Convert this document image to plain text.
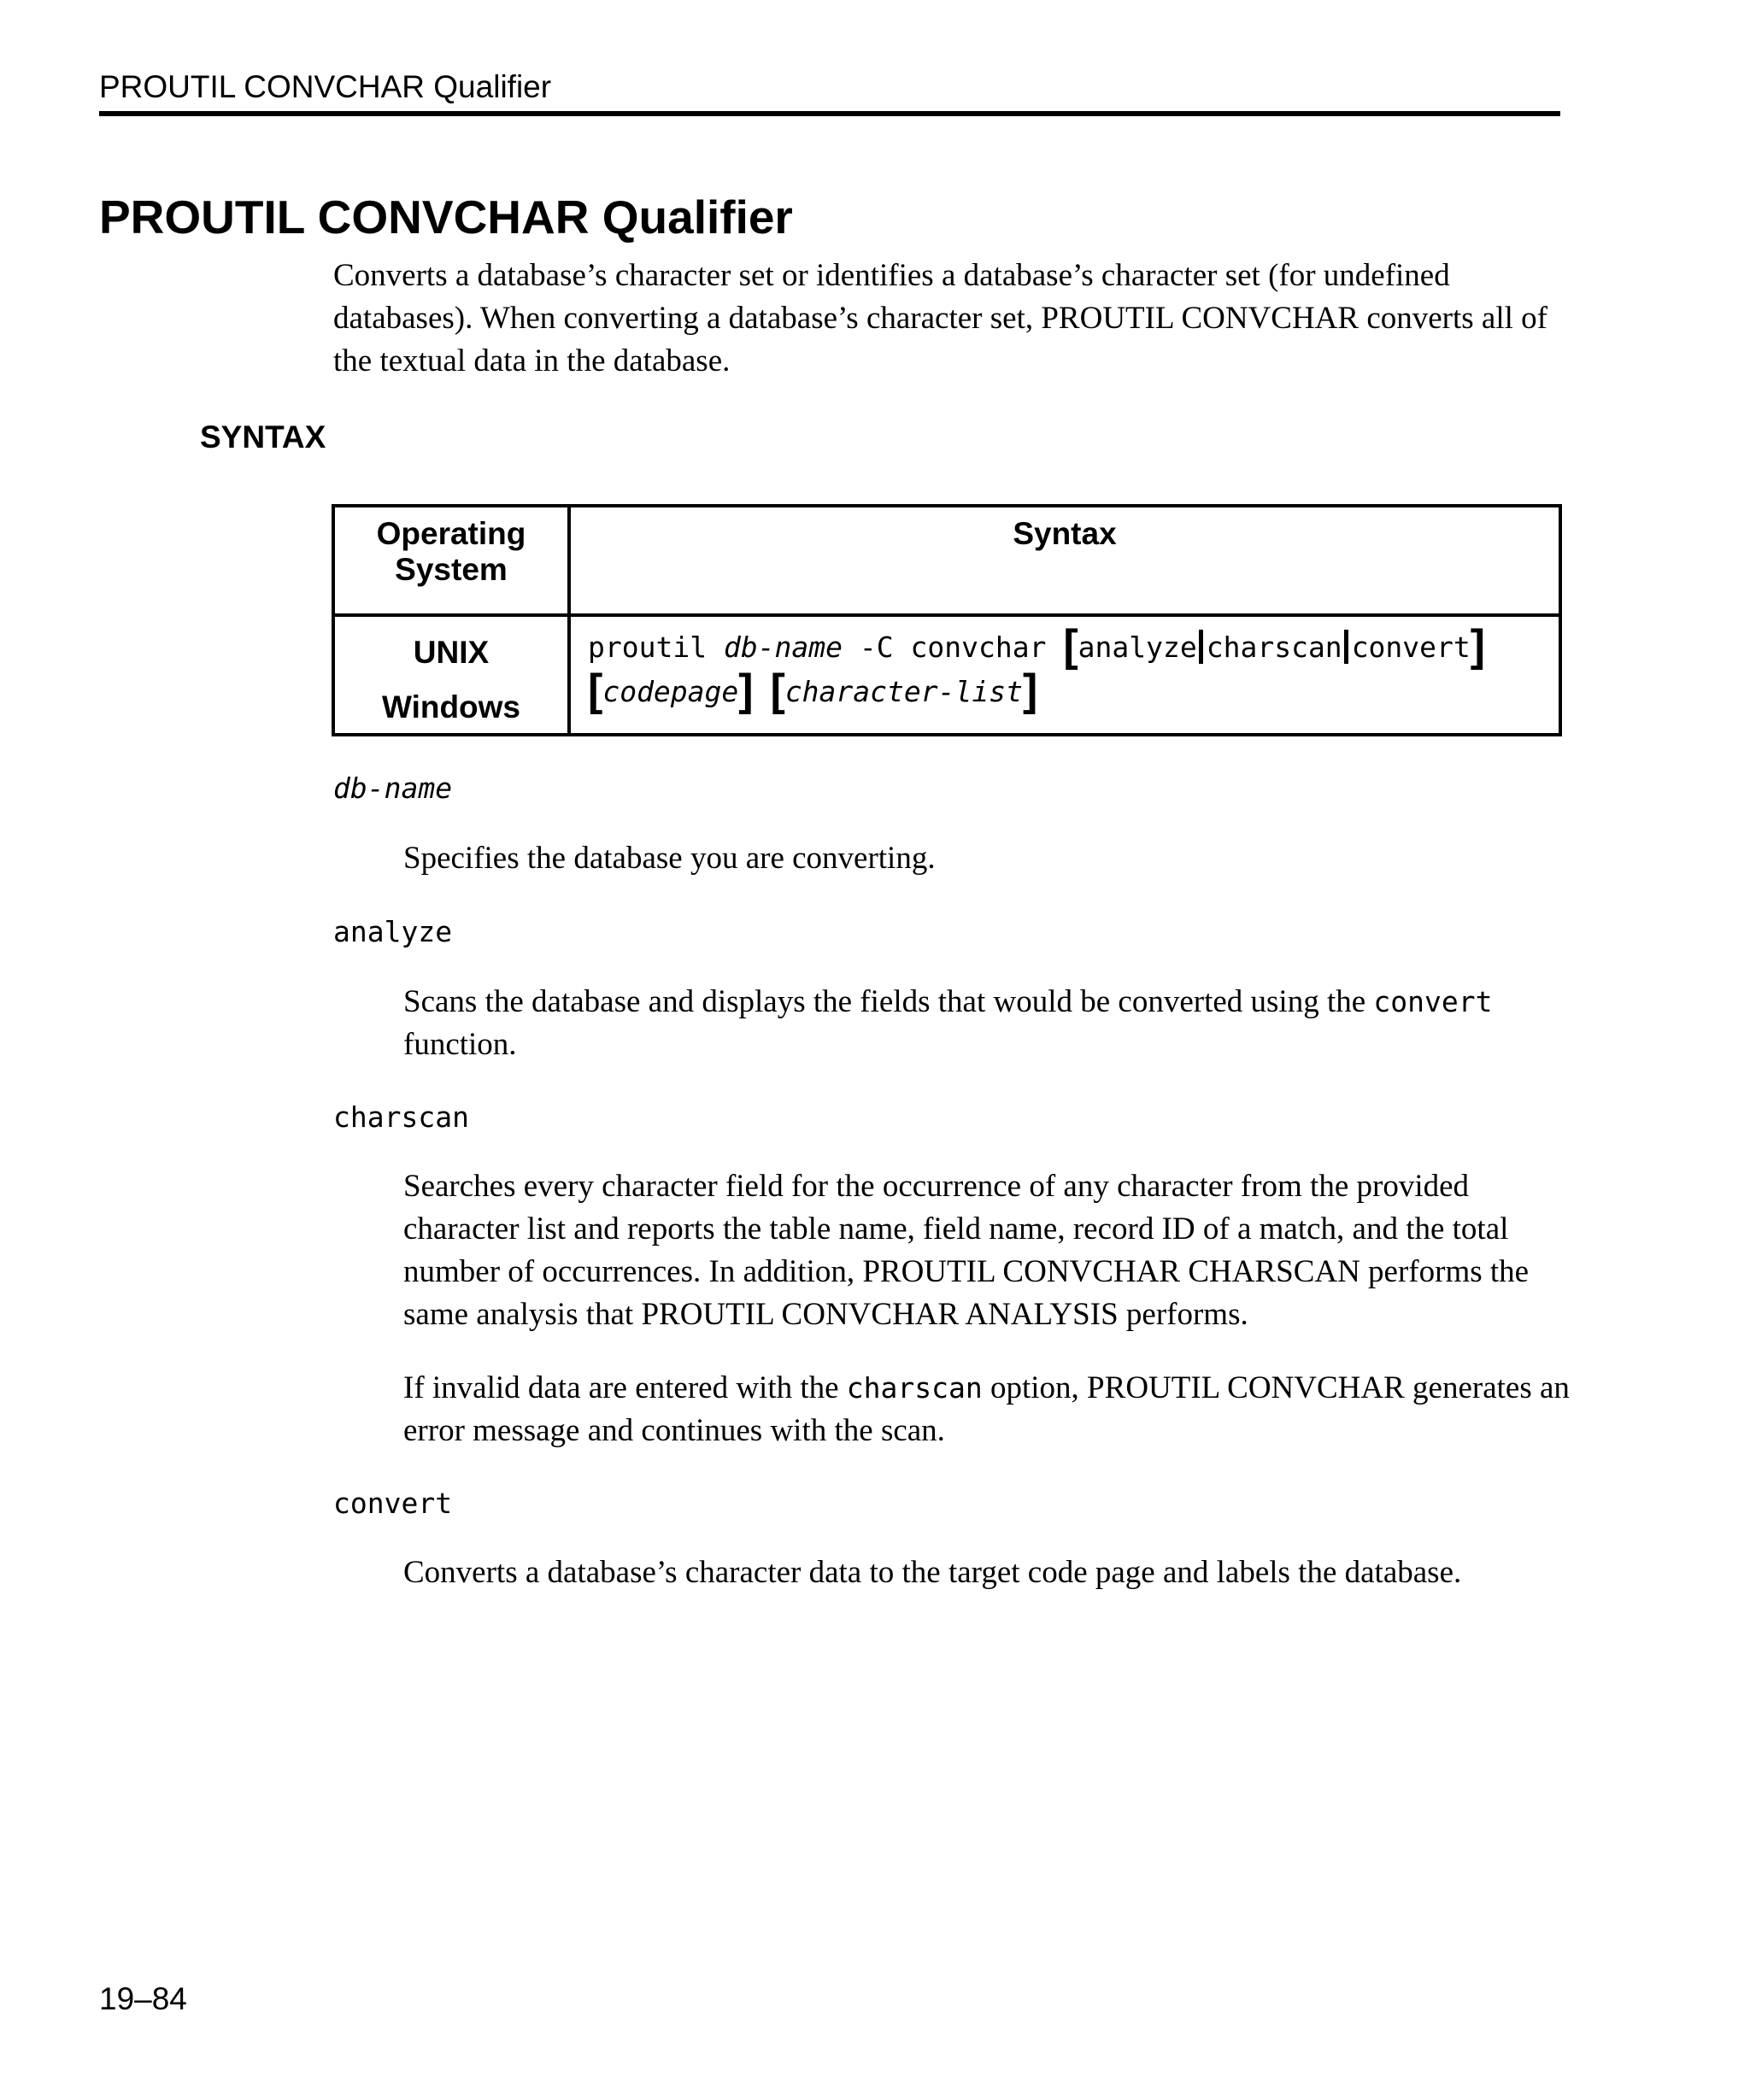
PROUTIL CONVCHAR Qualifier
PROUTIL CONVCHAR Qualifier

Converts a database’s character set or identifies a database’s character set (for undefined databases). When converting a database’s character set, PROUTIL CONVCHAR converts all of the textual data in the database.

SYNTAX
Operating System
Syntax
UNIX
Windows
proutil db-name -C convchar [analyze charscan convert]
[codepage] [character-list]
db-name

Specifies the database you are converting.

analyze

Scans the database and displays the fields that would be converted using the convert function.

charscan

Searches every character field for the occurrence of any character from the provided character list and reports the table name, field name, record ID of a match, and the total number of occurrences. In addition, PROUTIL CONVCHAR CHARSCAN performs the same analysis that PROUTIL CONVCHAR ANALYSIS performs.

If invalid data are entered with the charscan option, PROUTIL CONVCHAR generates an error message and continues with the scan.

convert

Converts a database’s character data to the target code page and labels the database.

19–84
